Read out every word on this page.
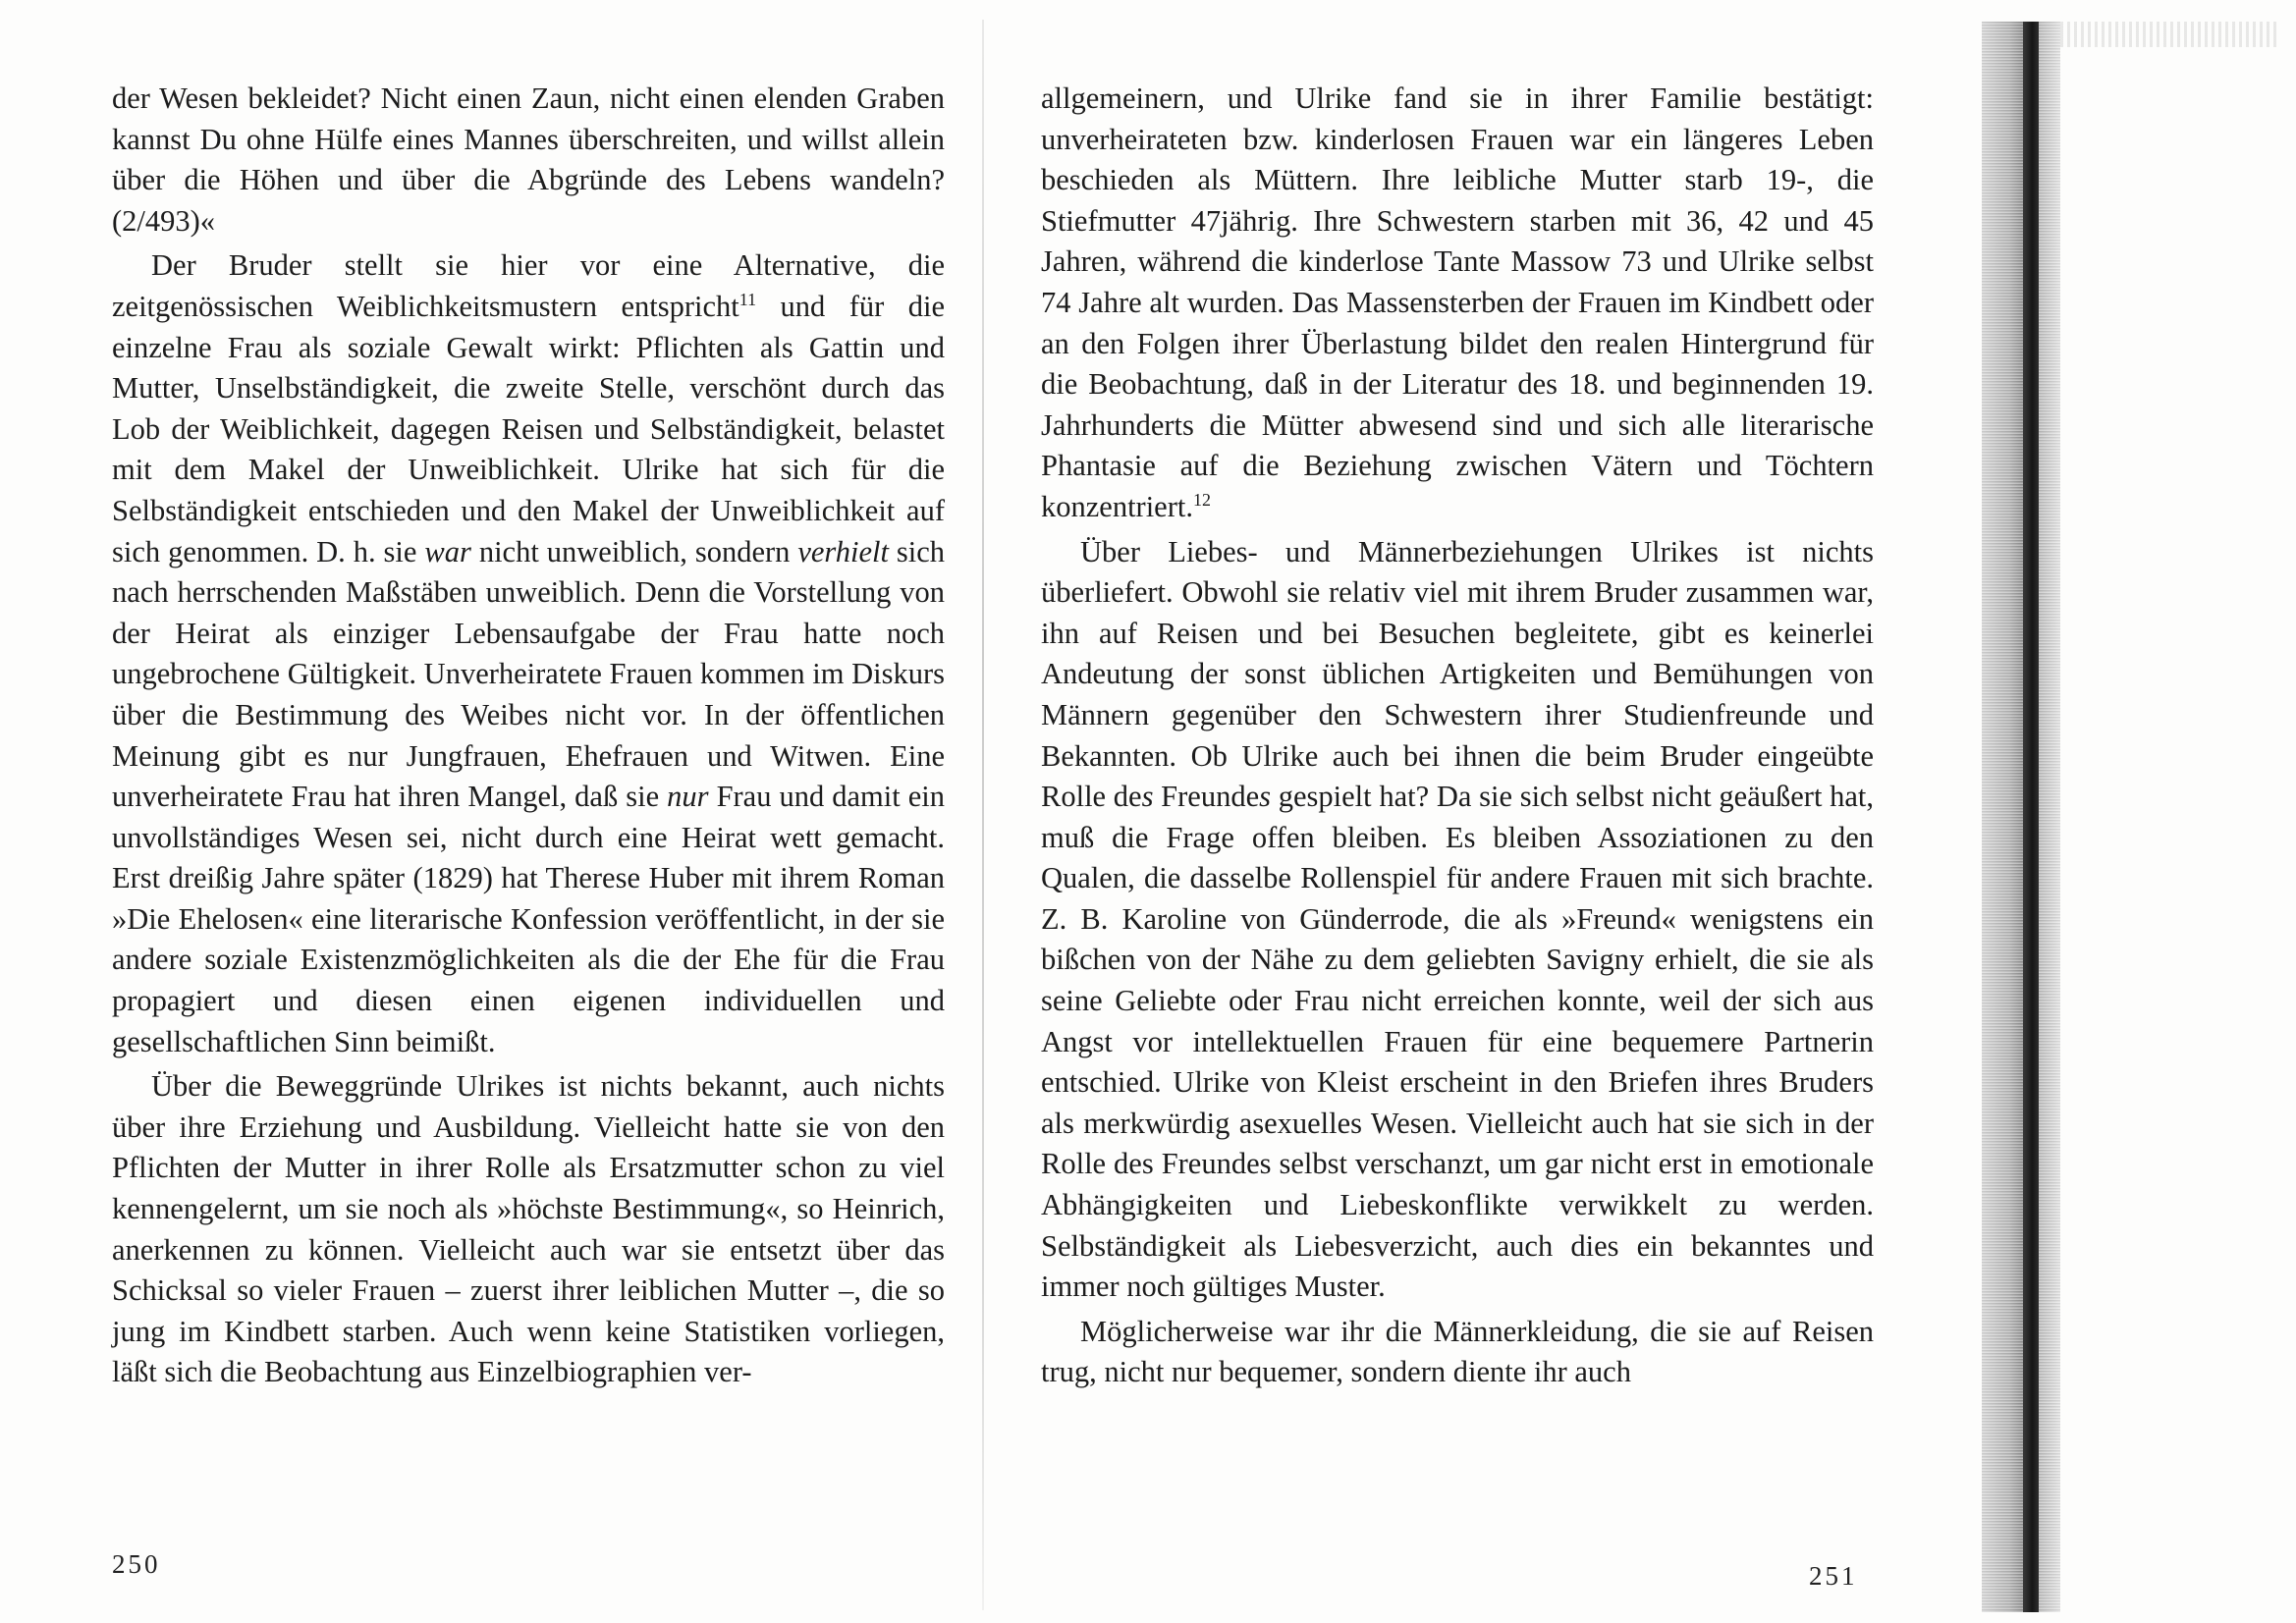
der Wesen bekleidet? Nicht einen Zaun, nicht einen elenden Graben kannst Du ohne Hülfe eines Mannes überschreiten, und willst allein über die Höhen und über die Abgründe des Lebens wandeln? (2/493)«

Der Bruder stellt sie hier vor eine Alternative, die zeitgenössischen Weiblichkeitsmustern entspricht$^{11}$ und für die einzelne Frau als soziale Gewalt wirkt: Pflichten als Gattin und Mutter, Unselbständigkeit, die zweite Stelle, verschönt durch das Lob der Weiblichkeit, dagegen Reisen und Selbständigkeit, belastet mit dem Makel der Unweiblichkeit. Ulrike hat sich für die Selbständigkeit entschieden und den Makel der Unweiblichkeit auf sich genommen. D. h. sie war nicht unweiblich, sondern verhielt sich nach herrschenden Maßstäben unweiblich. Denn die Vorstellung von der Heirat als einziger Lebensaufgabe der Frau hatte noch ungebrochene Gültigkeit. Unverheiratete Frauen kommen im Diskurs über die Bestimmung des Weibes nicht vor. In der öffentlichen Meinung gibt es nur Jungfrauen, Ehefrauen und Witwen. Eine unverheiratete Frau hat ihren Mangel, daß sie nur Frau und damit ein unvollständiges Wesen sei, nicht durch eine Heirat wett gemacht. Erst dreißig Jahre später (1829) hat Therese Huber mit ihrem Roman »Die Ehelosen« eine literarische Konfession veröffentlicht, in der sie andere soziale Existenzmöglichkeiten als die der Ehe für die Frau propagiert und diesen einen eigenen individuellen und gesellschaftlichen Sinn beimißt.

Über die Beweggründe Ulrikes ist nichts bekannt, auch nichts über ihre Erziehung und Ausbildung. Vielleicht hatte sie von den Pflichten der Mutter in ihrer Rolle als Ersatzmutter schon zu viel kennengelernt, um sie noch als »höchste Bestimmung«, so Heinrich, anerkennen zu können. Vielleicht auch war sie entsetzt über das Schicksal so vieler Frauen – zuerst ihrer leiblichen Mutter –, die so jung im Kindbett starben. Auch wenn keine Statistiken vorliegen, läßt sich die Beobachtung aus Einzelbiographien ver-

250

allgemeinern, und Ulrike fand sie in ihrer Familie bestätigt: unverheirateten bzw. kinderlosen Frauen war ein längeres Leben beschieden als Müttern. Ihre leibliche Mutter starb 19-, die Stiefmutter 47jährig. Ihre Schwestern starben mit 36, 42 und 45 Jahren, während die kinderlose Tante Massow 73 und Ulrike selbst 74 Jahre alt wurden. Das Massensterben der Frauen im Kindbett oder an den Folgen ihrer Überlastung bildet den realen Hintergrund für die Beobachtung, daß in der Literatur des 18. und beginnenden 19. Jahrhunderts die Mütter abwesend sind und sich alle literarische Phantasie auf die Beziehung zwischen Vätern und Töchtern konzentriert.$^{12}$

Über Liebes- und Männerbeziehungen Ulrikes ist nichts überliefert. Obwohl sie relativ viel mit ihrem Bruder zusammen war, ihn auf Reisen und bei Besuchen begleitete, gibt es keinerlei Andeutung der sonst üblichen Artigkeiten und Bemühungen von Männern gegenüber den Schwestern ihrer Studienfreunde und Bekannten. Ob Ulrike auch bei ihnen die beim Bruder eingeübte Rolle des Freundes gespielt hat? Da sie sich selbst nicht geäußert hat, muß die Frage offen bleiben. Es bleiben Assoziationen zu den Qualen, die dasselbe Rollenspiel für andere Frauen mit sich brachte. Z. B. Karoline von Günderrode, die als »Freund« wenigstens ein bißchen von der Nähe zu dem geliebten Savigny erhielt, die sie als seine Geliebte oder Frau nicht erreichen konnte, weil der sich aus Angst vor intellektuellen Frauen für eine bequemere Partnerin entschied. Ulrike von Kleist erscheint in den Briefen ihres Bruders als merkwürdig asexuelles Wesen. Vielleicht auch hat sie sich in der Rolle des Freundes selbst verschanzt, um gar nicht erst in emotionale Abhängigkeiten und Liebeskonflikte verwikkelt zu werden. Selbständigkeit als Liebesverzicht, auch dies ein bekanntes und immer noch gültiges Muster.

Möglicherweise war ihr die Männerkleidung, die sie auf Reisen trug, nicht nur bequemer, sondern diente ihr auch

251
